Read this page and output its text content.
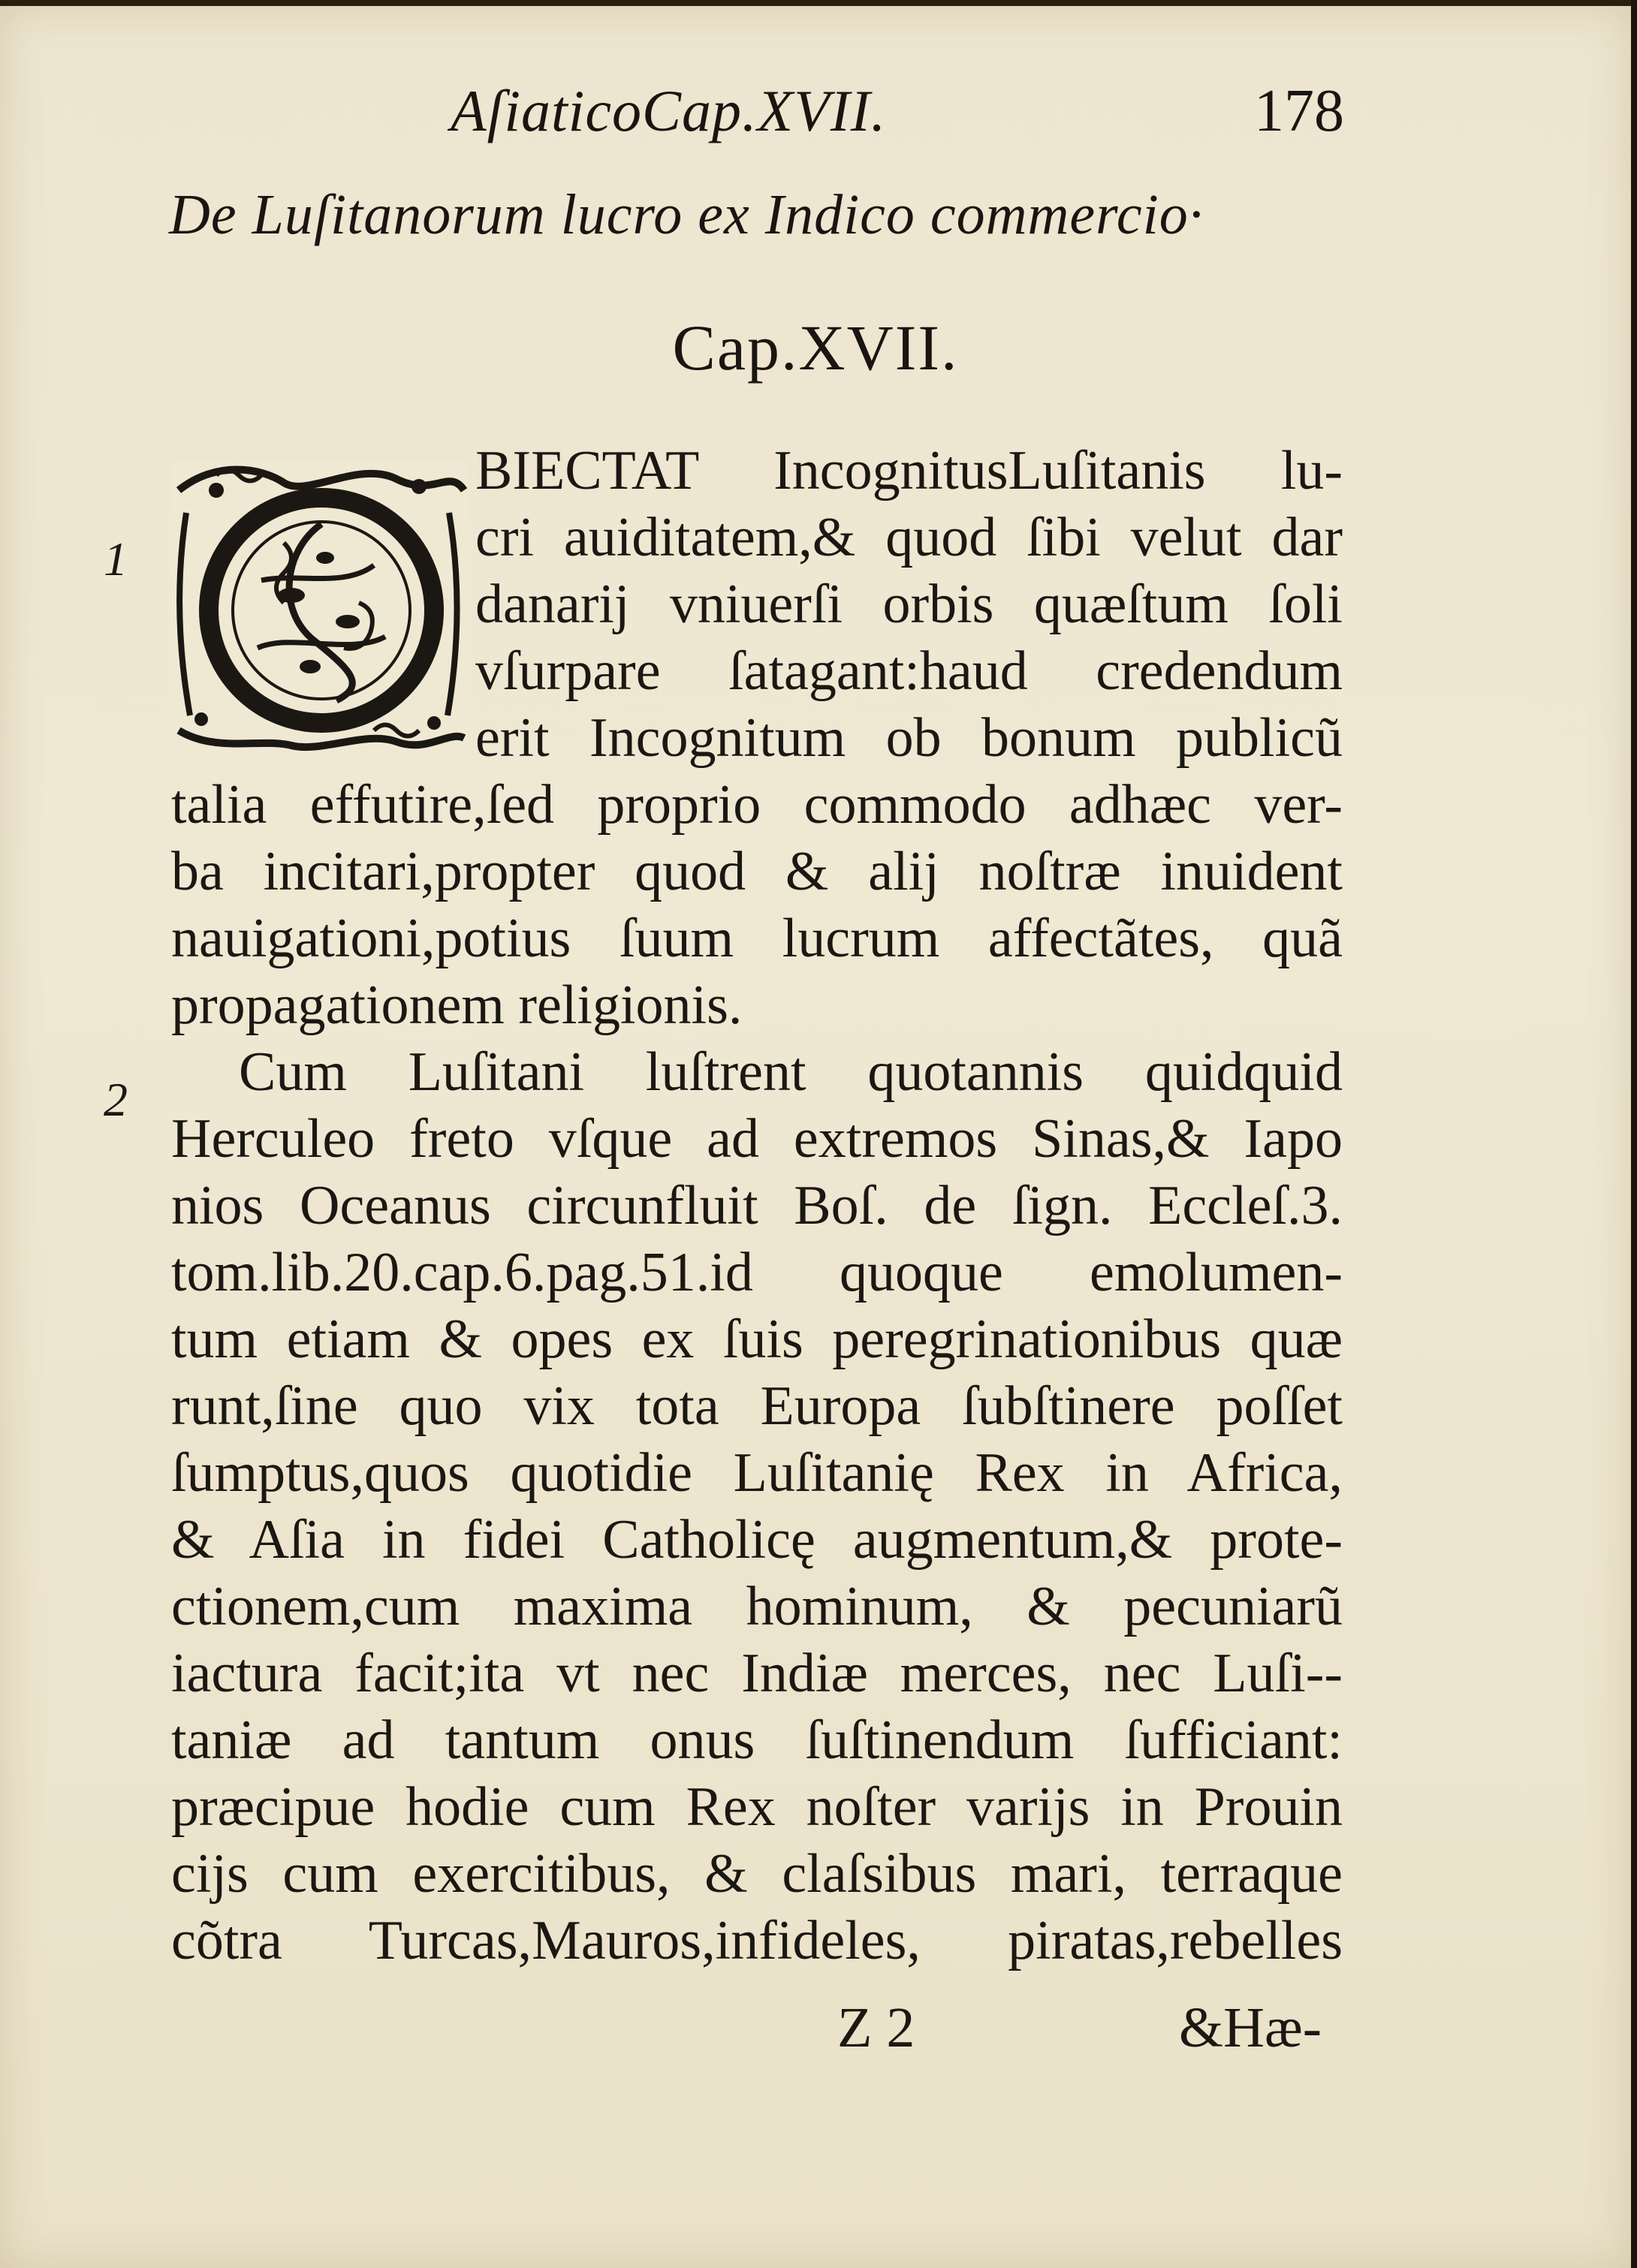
AſiaticoCap.XVII.	178
De Luſitanorum lucro ex Indico commercio·
Cap.XVII.
O
1
2
BIECTAT IncognitusLuſitanis lu-
cri auiditatem,& quod ſibi velut dar
danarij vniuerſi orbis quæſtum ſoli
vſurpare ſatagant:haud credendum
erit Incognitum ob bonum publicũ
talia effutire,ſed proprio commodo adhæc ver-
ba incitari,propter quod & alij noſtræ inuident
nauigationi,potius ſuum lucrum affectãtes, quã
propagationem religionis.
Cum Luſitani luſtrent quotannis quidquid
Herculeo freto vſque ad extremos Sinas,& Iapo
nios Oceanus circunfluit Boſ. de ſign. Eccleſ.3.
tom.lib.20.cap.6.pag.51.id quoque emolumen-
tum etiam & opes ex ſuis peregrinationibus quæ
runt,ſine quo vix tota Europa ſubſtinere poſſet
ſumptus,quos quotidie Luſitanię Rex in Africa,
& Aſia in fidei Catholicę augmentum,& prote-
ctionem,cum maxima hominum, & pecuniarũ
iactura facit;ita vt nec Indiæ merces, nec Luſi--
taniæ ad tantum onus ſuſtinendum ſufficiant:
præcipue hodie cum Rex noſter varijs in Prouin
cijs cum exercitibus, & claſsibus mari, terraque
cõtra Turcas,Mauros,infideles, piratas,rebelles
Z 2	&Hæ-
